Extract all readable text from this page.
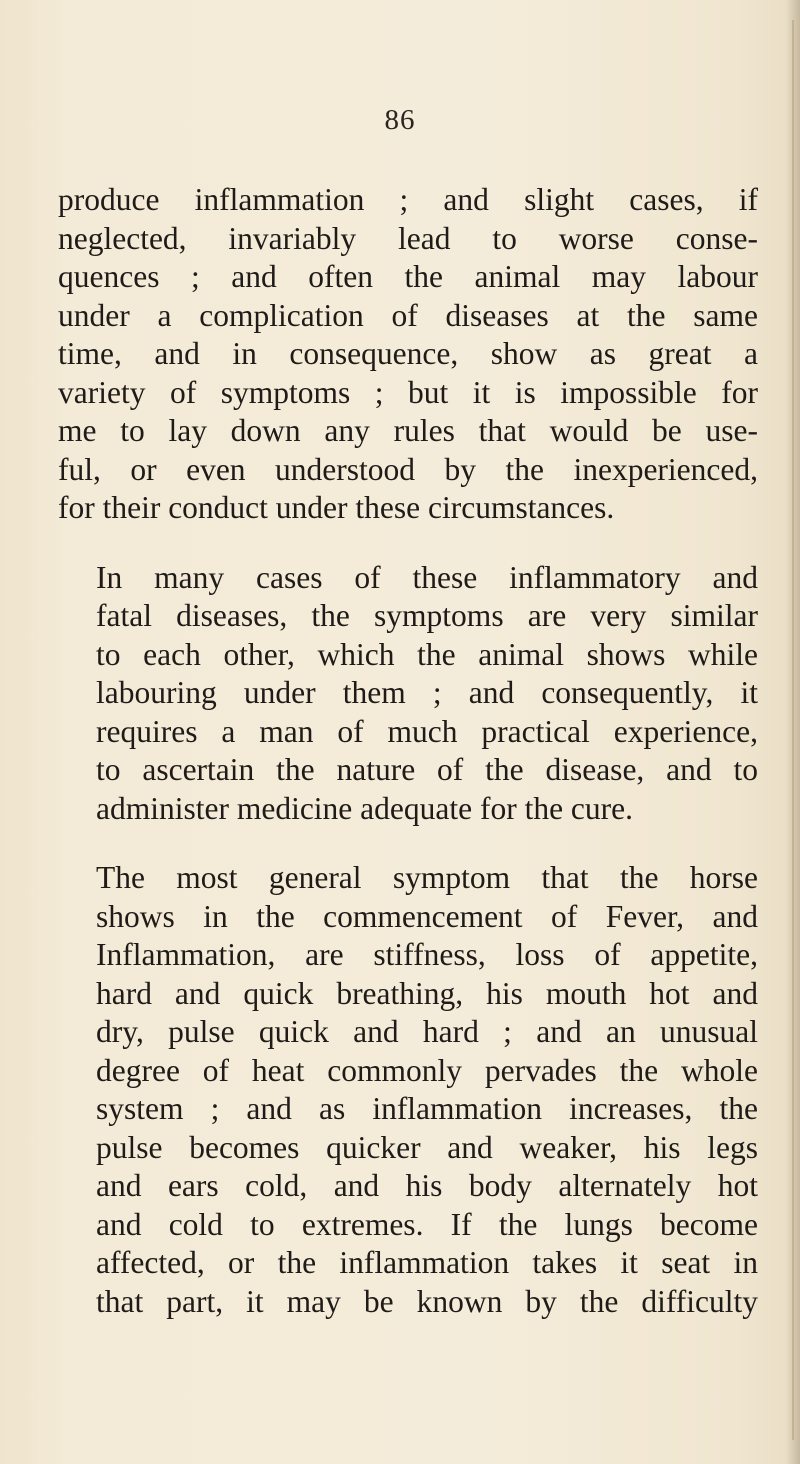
86
produce inflammation ; and slight cases, if
neglected, invariably lead to worse conse-
quences ; and often the animal may labour
under a complication of diseases at the same
time, and in consequence, show as great a
variety of symptoms ; but it is impossible for
me to lay down any rules that would be use-
ful, or even understood by the inexperienced,
for their conduct under these circumstances.
In many cases of these inflammatory and
fatal diseases, the symptoms are very similar
to each other, which the animal shows while
labouring under them ; and consequently, it
requires a man of much practical experience,
to ascertain the nature of the disease, and to
administer medicine adequate for the cure.
The most general symptom that the horse
shows in the commencement of Fever, and
Inflammation, are stiffness, loss of appetite,
hard and quick breathing, his mouth hot and
dry, pulse quick and hard ; and an unusual
degree of heat commonly pervades the whole
system ; and as inflammation increases, the
pulse becomes quicker and weaker, his legs
and ears cold, and his body alternately hot
and cold to extremes. If the lungs become
affected, or the inflammation takes it seat in
that part, it may be known by the difficulty
